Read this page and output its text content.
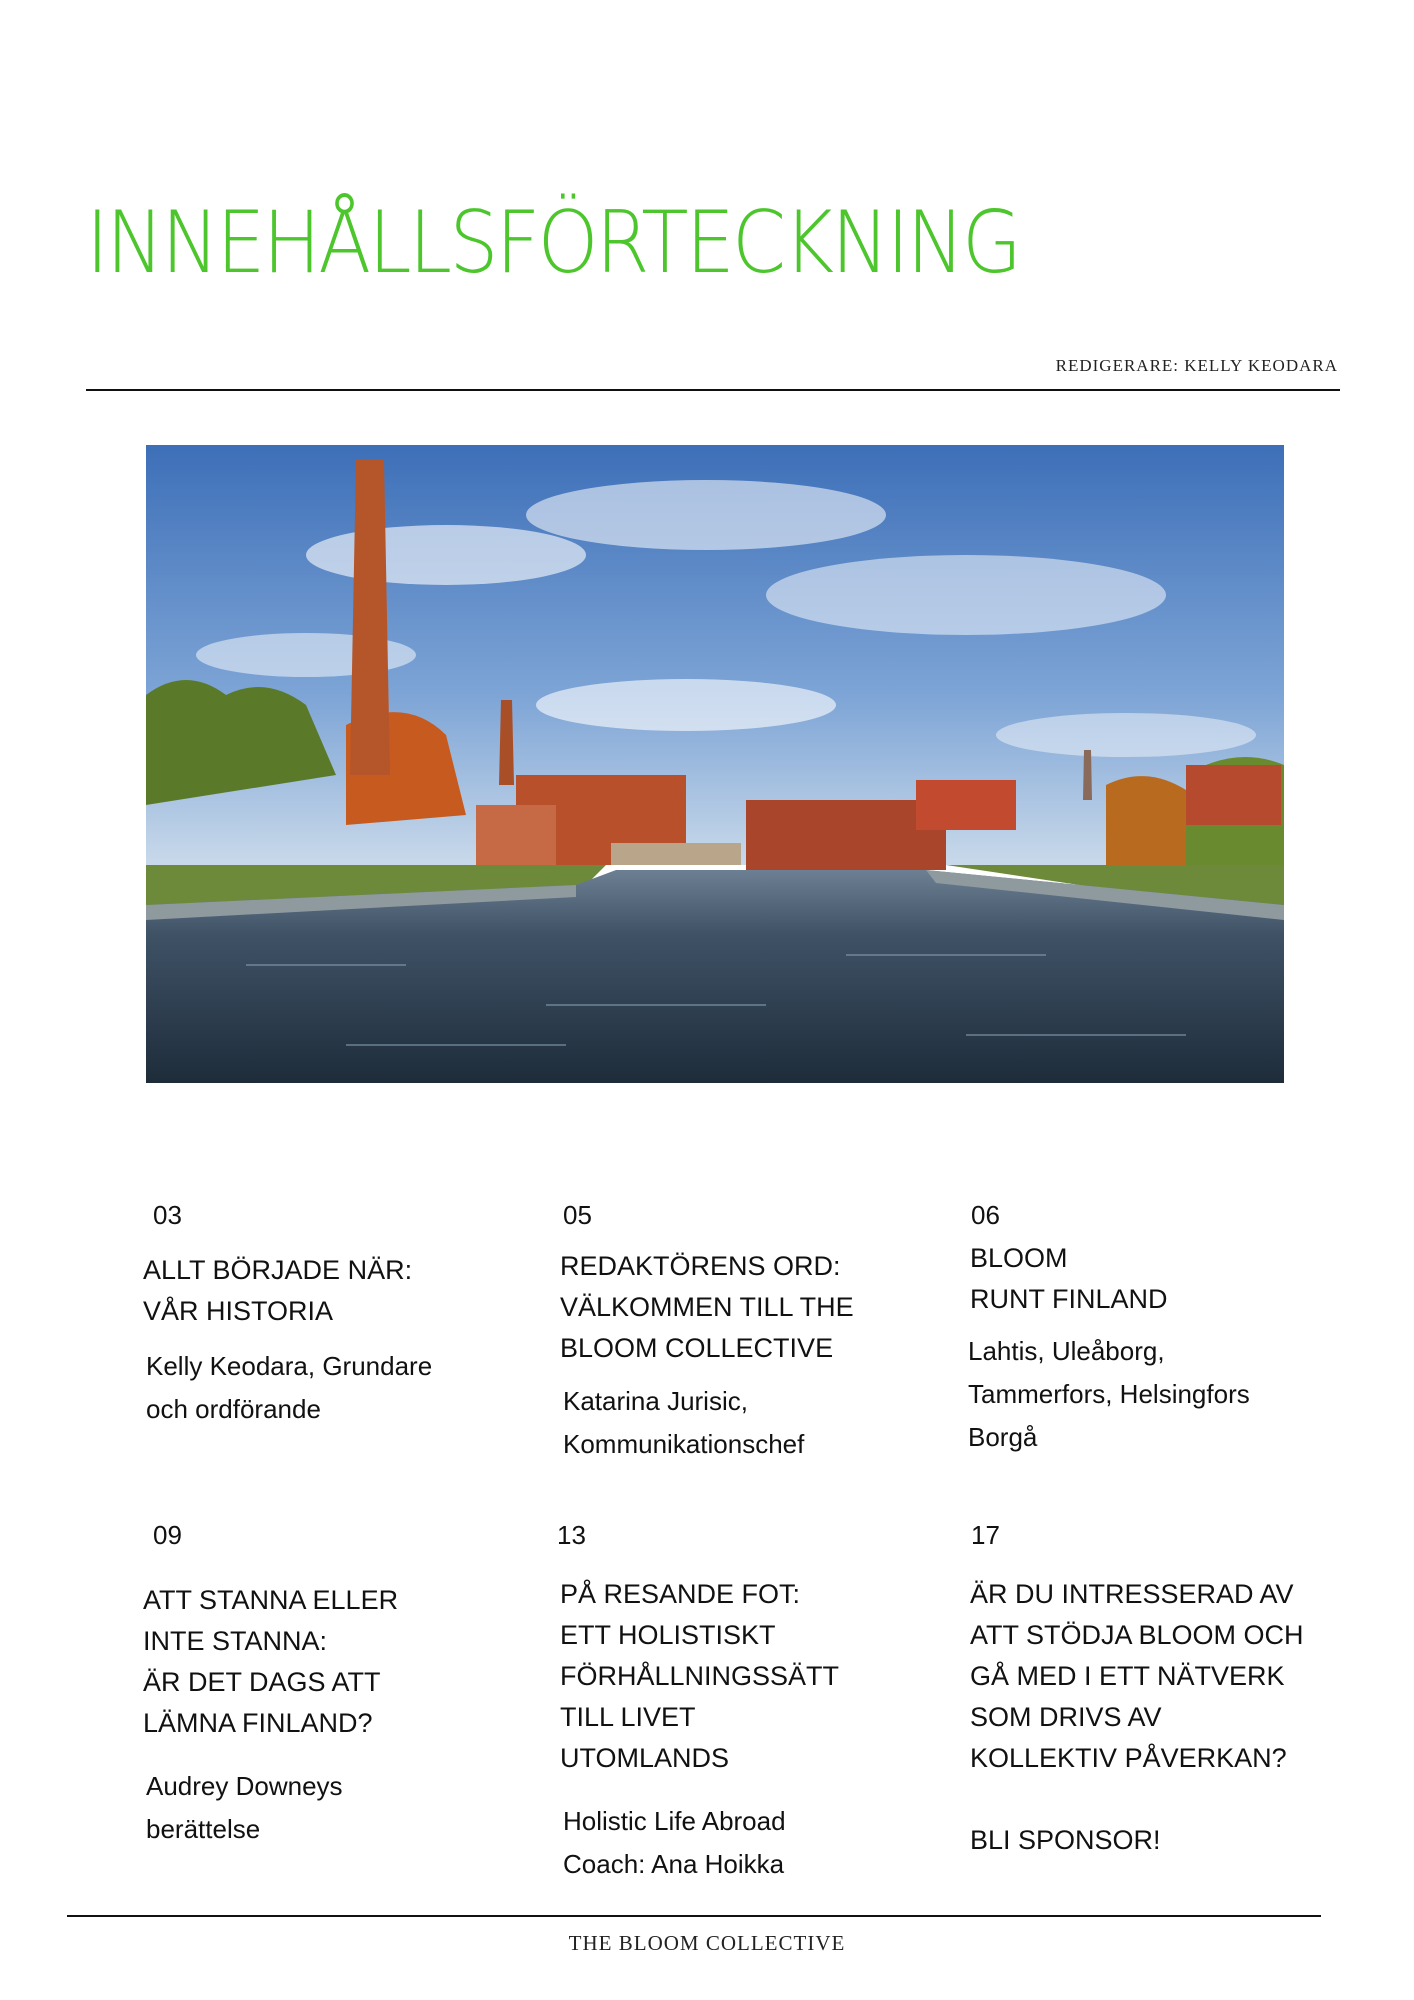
INNEHÅLLSFÖRTECKNING
REDIGERARE: KELLY KEODARA
03
ALLT BÖRJADE NÄR:
VÅR HISTORIA
Kelly Keodara, Grundare
och ordförande
05
REDAKTÖRENS ORD:
VÄLKOMMEN TILL THE
BLOOM COLLECTIVE
Katarina Jurisic,
Kommunikationschef
06
BLOOM
RUNT FINLAND
Lahtis, Uleåborg,
Tammerfors, Helsingfors
Borgå
09
ATT STANNA ELLER
INTE STANNA:
ÄR DET DAGS ATT
LÄMNA FINLAND?
Audrey Downeys
berättelse
13
PÅ RESANDE FOT:
ETT HOLISTISKT
FÖRHÅLLNINGSSÄTT
TILL LIVET
UTOMLANDS
Holistic Life Abroad
Coach: Ana Hoikka
17
ÄR DU INTRESSERAD AV
ATT STÖDJA BLOOM OCH
GÅ MED I ETT NÄTVERK
SOM DRIVS AV
KOLLEKTIV PÅVERKAN?

BLI SPONSOR!
THE BLOOM COLLECTIVE
